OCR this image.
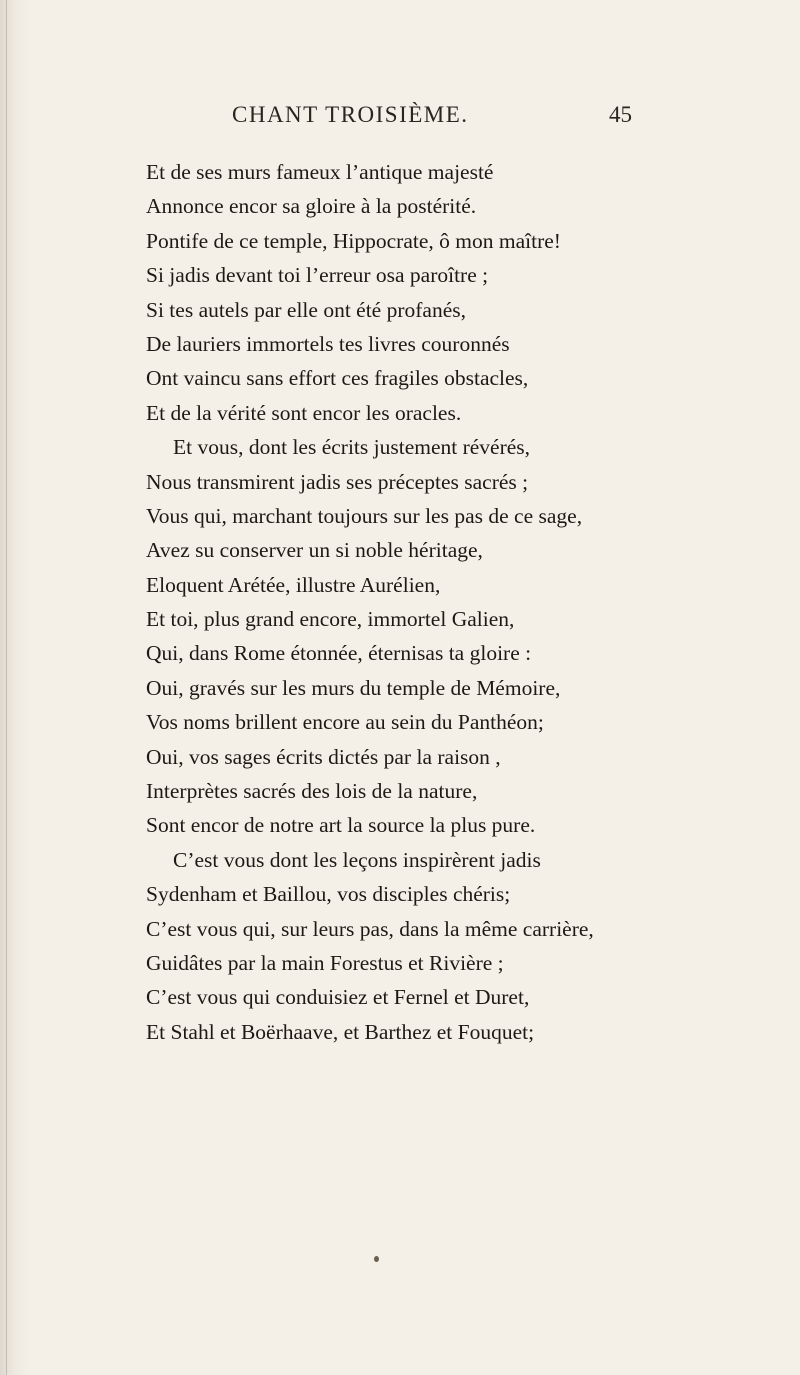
CHANT TROISIÈME.	45
Et de ses murs fameux l’antique majesté
Annonce encor sa gloire à la postérité.
Pontife de ce temple, Hippocrate, ô mon maître!
Si jadis devant toi l’erreur osa paroître ;
Si tes autels par elle ont été profanés,
De lauriers immortels tes livres couronnés
Ont vaincu sans effort ces fragiles obstacles,
Et de la vérité sont encor les oracles.
Et vous, dont les écrits justement révérés,
Nous transmirent jadis ses préceptes sacrés ;
Vous qui, marchant toujours sur les pas de ce sage,
Avez su conserver un si noble héritage,
Eloquent Arétée, illustre Aurélien,
Et toi, plus grand encore, immortel Galien,
Qui, dans Rome étonnée, éternisas ta gloire :
Oui, gravés sur les murs du temple de Mémoire,
Vos noms brillent encore au sein du Panthéon;
Oui, vos sages écrits dictés par la raison ,
Interprètes sacrés des lois de la nature,
Sont encor de notre art la source la plus pure.
C’est vous dont les leçons inspirèrent jadis
Sydenham et Baillou, vos disciples chéris;
C’est vous qui, sur leurs pas, dans la même carrière,
Guidâtes par la main Forestus et Rivière ;
C’est vous qui conduisiez et Fernel et Duret,
Et Stahl et Boërhaave, et Barthez et Fouquet;
